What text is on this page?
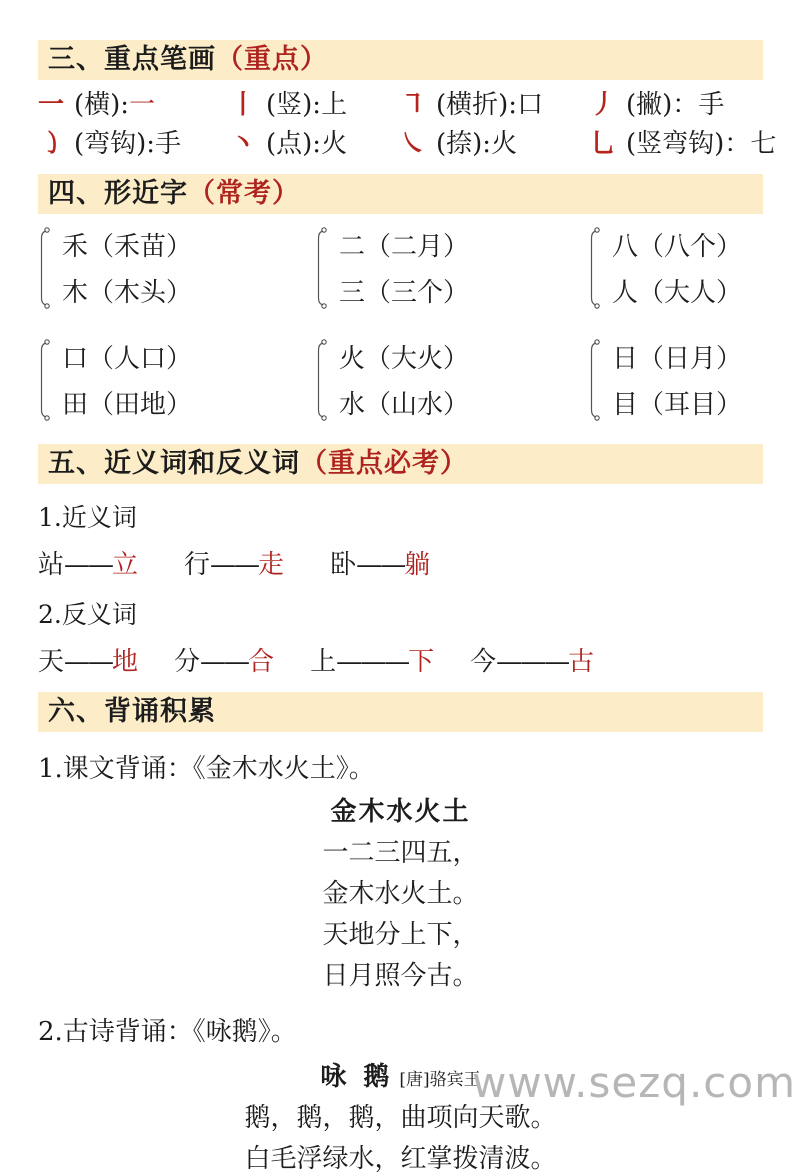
三、重点笔画（重点）
一 (横):一	丨 (竖):上	㇕ (横折):口	丿 (撇)：手
㇁ (弯钩):手	丶 (点):火	㇏ (捺):火	乚 (竖弯钩)：七
四、形近字（常考）
禾（禾苗）
木（木头）
二（二月）
三（三个）
八（八个）
人（大人）
口（人口）
田（田地）
火（大火）
水（山水）
日（日月）
目（耳目）
五、近义词和反义词（重点必考）
1.近义词
站——立 行——走 卧——躺
2.反义词
天——地 分——合 上———下 今———古
六、背诵积累
1.课文背诵：《金木水火土》。
金木水火土
一二三四五，
金木水火土。
天地分上下，
日月照今古。
2.古诗背诵：《咏鹅》。
咏 鹅 [唐]骆宾王
鹅，鹅，鹅，曲项向天歌。
白毛浮绿水，红掌拨清波。
www.sezq.com
